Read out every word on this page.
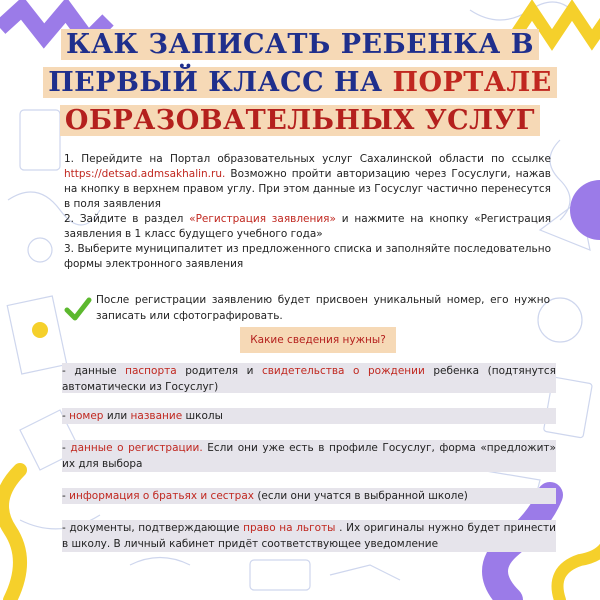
КАК ЗАПИСАТЬ РЕБЕНКА В
ПЕРВЫЙ КЛАСС НА ПОРТАЛЕ
ОБРАЗОВАТЕЛЬНЫХ УСЛУГ

1. Перейдите на Портал образовательных услуг Сахалинской области по ссылке https://detsad.admsakhalin.ru. Возможно пройти авторизацию через Госуслуги, нажав на кнопку в верхнем правом углу. При этом данные из Госуслуг частично перенесутся в поля заявления

2. Зайдите в раздел «Регистрация заявления» и нажмите на кнопку «Регистрация заявления в 1 класс будущего учебного года»

3. Выберите муниципалитет из предложенного списка и заполняйте последовательно формы электронного заявления

После регистрации заявлению будет присвоен уникальный номер, его нужно записать или сфотографировать.
Какие сведения нужны?
- данные паспорта родителя и свидетельства о рождении ребенка (подтянутся автоматически из Госуслуг)
- номер или название школы
- данные о регистрации. Если они уже есть в профиле Госуслуг, форма «предложит» их для выбора
- информация о братьях и сестрах (если они учатся в выбранной школе)
- документы, подтверждающие право на льготы . Их оригиналы нужно будет принести в школу. В личный кабинет придёт соответствующее уведомление
